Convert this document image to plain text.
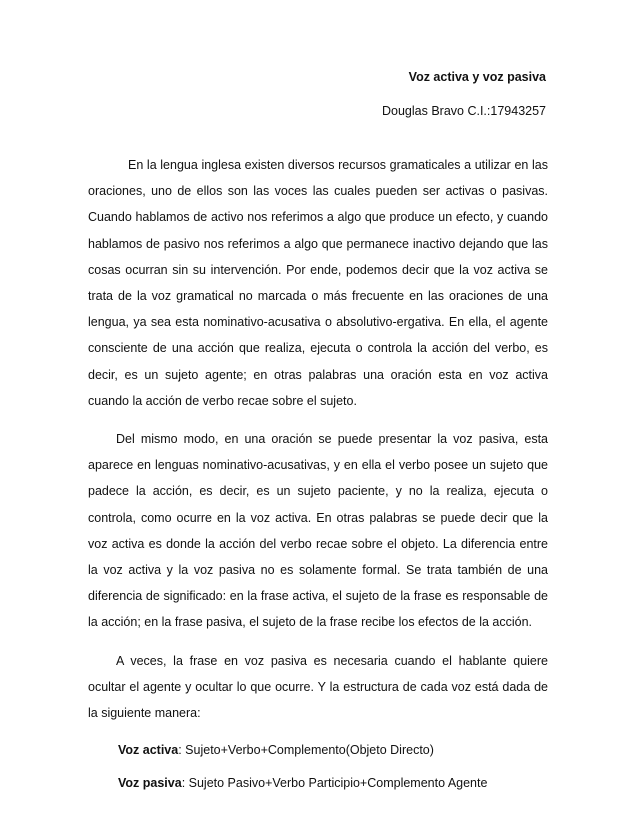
Voz activa y voz pasiva

Douglas Bravo C.I.:17943257

En la lengua inglesa existen diversos recursos gramaticales a utilizar en las oraciones, uno de ellos son las voces las cuales pueden ser activas o pasivas. Cuando hablamos de activo nos referimos a algo que produce un efecto, y cuando hablamos de pasivo nos referimos a algo que permanece inactivo dejando que las cosas ocurran sin su intervención. Por ende, podemos decir que la voz activa se trata de la voz gramatical no marcada o más frecuente en las oraciones de una lengua, ya sea esta nominativo-acusativa o absolutivo-ergativa. En ella, el agente consciente de una acción que realiza, ejecuta o controla la acción del verbo, es decir, es un sujeto agente; en otras palabras una oración esta en voz activa cuando la acción de verbo recae sobre el sujeto.

Del mismo modo, en una oración se puede presentar la voz pasiva, esta aparece en lenguas nominativo-acusativas, y en ella el verbo posee un sujeto que padece la acción, es decir, es un sujeto paciente, y no la realiza, ejecuta o controla, como ocurre en la voz activa. En otras palabras se puede decir que la voz activa es donde la acción del verbo recae sobre el objeto. La diferencia entre la voz activa y la voz pasiva no es solamente formal. Se trata también de una diferencia de significado: en la frase activa, el sujeto de la frase es responsable de la acción; en la frase pasiva, el sujeto de la frase recibe los efectos de la acción.

A veces, la frase en voz pasiva es necesaria cuando el hablante quiere ocultar el agente y ocultar lo que ocurre. Y la estructura de cada voz está dada de la siguiente manera:

Voz activa: Sujeto+Verbo+Complemento(Objeto Directo)

Voz pasiva: Sujeto Pasivo+Verbo Participio+Complemento Agente
